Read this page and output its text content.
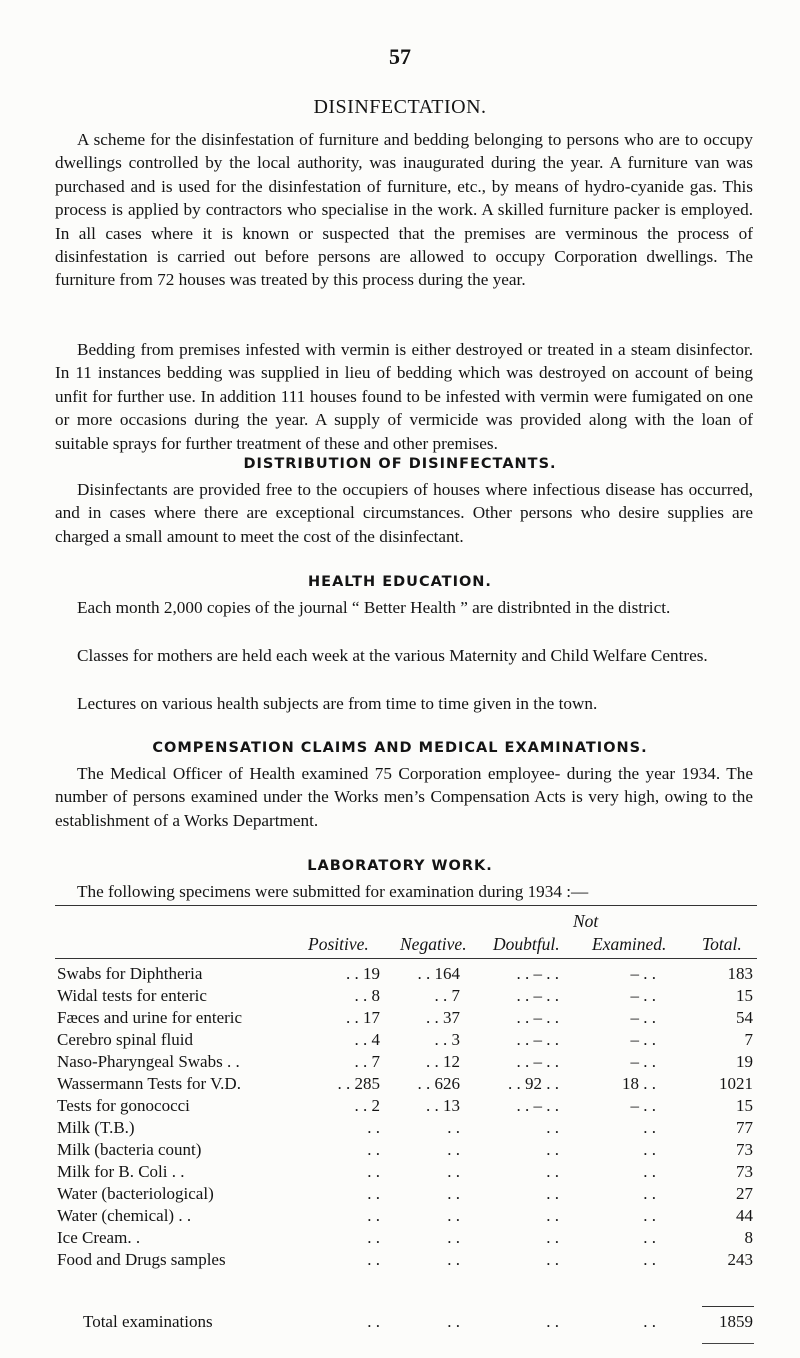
57
DISINFECTATION.

A scheme for the disinfestation of furniture and bedding belonging to persons who are to occupy dwellings controlled by the local authority, was inaugurated during the year. A furniture van was purchased and is used for the disinfestation of furniture, etc., by means of hydro-cyanide gas. This process is applied by contractors who specialise in the work. A skilled furniture packer is employed. In all cases where it is known or suspected that the premises are verminous the process of disinfestation is carried out before persons are allowed to occupy Corporation dwellings. The furniture from 72 houses was treated by this process during the year.

Bedding from premises infested with vermin is either destroyed or treated in a steam disinfector. In 11 instances bedding was supplied in lieu of bedding which was destroyed on account of being unfit for further use. In addition 111 houses found to be infested with vermin were fumigated on one or more occasions during the year. A supply of vermicide was provided along with the loan of suitable sprays for further treatment of these and other premises.

DISTRIBUTION OF DISINFECTANTS.

Disinfectants are provided free to the occupiers of houses where infectious disease has occurred, and in cases where there are exceptional circumstances. Other persons who desire supplies are charged a small amount to meet the cost of the disinfectant.

HEALTH EDUCATION.

Each month 2,000 copies of the journal “ Better Health ” are distribnted in the district.

Classes for mothers are held each week at the various Maternity and Child Welfare Centres.

Lectures on various health subjects are from time to time given in the town.

COMPENSATION CLAIMS AND MEDICAL EXAMINATIONS.

The Medical Officer of Health examined 75 Corporation employee- during the year 1934. The number of persons examined under the Works men’s Compensation Acts is very high, owing to the establishment of a Works Department.

LABORATORY WORK.

The following specimens were submitted for examination during 1934 :—

Not
Positive. Negative. Doubtful. Examined. Total.
Swabs for Diphtheria	. . 19	. . 164	. . – . .	– . .	183
Widal tests for enteric	. . 8	. . 7	. . – . .	– . .	15
Fæces and urine for enteric	. . 17	. . 37	. . – . .	– . .	54
Cerebro spinal fluid	. . 4	. . 3	. . – . .	– . .	7
Naso-Pharyngeal Swabs . .	. . 7	. . 12	. . – . .	– . .	19
Wassermann Tests for V.D.	. . 285	. . 626	. . 92 . .	18 . .	1021
Tests for gonococci	. . 2	. . 13	. . – . .	– . .	15
Milk (T.B.)	. .	. .	. .	. .	77
Milk (bacteria count)	. .	. .	. .	. .	73
Milk for B. Coli . .	. .	. .	. .	. .	73
Water (bacteriological)	. .	. .	. .	. .	27
Water (chemical) . .	. .	. .	. .	. .	44
Ice Cream. .	. .	. .	. .	. .	8
Food and Drugs samples	. .	. .	. .	. .	243
Total examinations	. .	. .	. .	. .	1859
